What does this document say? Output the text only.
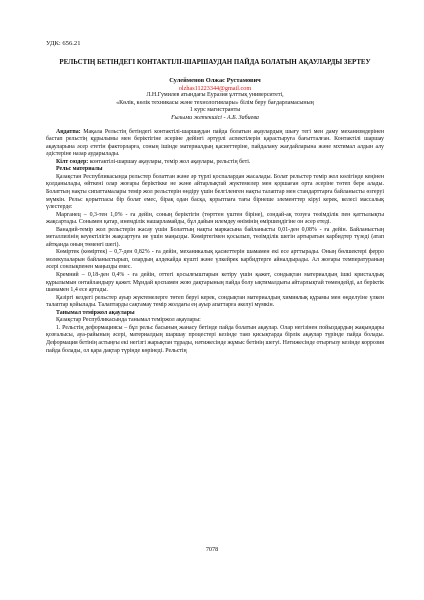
УДК: 656.21
РЕЛЬСТІҢ БЕТІНДЕГІ КОНТАКТІЛІ-ШАРШАУДАН ПАЙДА БОЛАТЫН АҚАУЛАРДЫ ЗЕРТЕУ
Сулейменов Олжас Рустамович
olzhas11223344@gmail.com
Л.Н.Гумилев атындағы Еуразия ұлттық университеті,
«Көлік, көлік техникасы және технологиялары» білім беру бағдарламасының
1 курс магистранты
Ғылыми жетекшісі - А.Б. Забиева

Аңдатпа: Мақала Рельстің бетіндегі контактілі-шаршаудан пайда болатын ақаулардың шығу тегі мен даму механизмдерінен бастап рельстің құрылымы мен беріктігіне әсеріне дейінгі әртүрлі аспектілерін қарастыруға бағытталған. Контактілі шаршау ақауларына әсер ететін факторларға, соның ішінде материалдың қасиеттеріне, пайдалану жағдайларына және мхтимал алдын алу әдістеріне назар аударылады.

Кілт сөздер: контактілі-шаршау ақаулары, темір жол ақаулары, рельстің беті.

Рельс материалы

Қазақстан Республикасында рельстер болаттан және әр түрлі қоспалардан жасалады. Болат рельстер темір жол көлігінде кеңінен қолданылады, өйткені олар жоғары беріктікке не және айтарлықтай жүктемелер мен қоршаған орта әсеріне төтеп бере алады. Болаттың нақты сипаттамалары темір жол рельстерін өндіру үшін белгіленген нақты талаптар мен стандарттарға байланысты өзгеруі мүмкін. Рельс қорытпасы бір болат емес, бірақ одан басқа, қорытпаға тағы бірнеше элементтер кіруі керек, келесі массалық үлестерде:

Марганец – 0,3-тен 1,0% - ға дейін, соның беріктігін (төрттен үштен біріне), сондай-ақ тозуға төзімділік пен қаттылықты жақсартады. Сонымен қатар, инемділік нашарламайды, бұл дайын илемдеу өнімінің өміршеңдігіне он әсер етеді.

Ванадий-темір жол рельстерін жасау үшін Болаттың нақты маркасына байланысты 0,01-ден 0,08% - ға дейін. Байланыстың металлизінің кеуектілігін жақсартуға ие үшін маңызды. Көміртегімен қосылып, төзімділік шегін артыратын карбидтер түзеді (атап айтқанда оның төменгі шегі).

Көміртек (көміртек) – 0,7-ден 0,82% - ға дейін, механикалық қасиеттерін шамамен екі есе арттырады. Оның бөлшектері ферро молекулаларын байланыстырып, олардың алдекайда күшті және үлкейрек карбидтерге айналдырады. Ал жоғары температураның әсері сонлықпенен маңызды емес.

Кремний – 0,18-ден 0,4% - ға дейін, оттегі қосылғыштарын кетіру үшін қажет, сондықтан материалдың ішкі кристалдық құрылымын онтайландыру қажет. Мұндай қоспамен жою дақтарының пайда болу ықтималдығы айтарлықтай төмендейді, ал беріктік шамамен 1,4 есе артады.

Қазіргі кездегі рельстер ауыр жүктемелерге төтеп беруі керек, сондықтан материалдың химиялық құрамы мен өңделуіне үлкен талаптар қойылады. Талаптарды сақтамау темір жолдағы ең ауыр апаттарға әкелуі мүмкін.

Танымал теміржол ақаулары

Қазақстар Республикасында танымал теміржол ақаулары:

1. Рельстің деформациясы – бұл рельс басының жанасу бетінде пайда болатын ақаулар. Олар негізінен пойыздардың жақындары қозғалысы, ауа-райының әсері, материалдың шаршау процестері кезінде таяз қисықтарда бірлік ақаулар түрінде пайда болады. Деформация бетінің астыңғы екі негізгі жарықтан тұрады, нәтижесінде жұмыс бетінің шегуі. Нәтижесінде отырғызу кезінде коррозия пайда болады, ол қара дақтар түрінде көрінеді. Рельстің

7078
